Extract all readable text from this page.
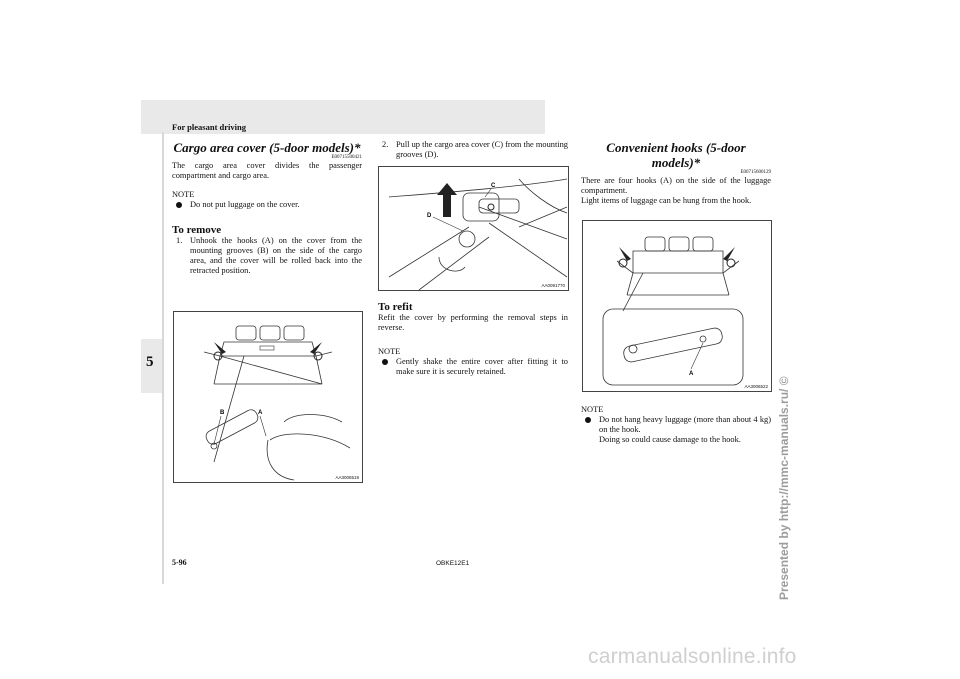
For pleasant driving
5
Cargo area cover (5-door models)*
E00715500421

The cargo area cover divides the passenger compartment and cargo area.

NOTE
Do not put luggage on the cover.
To remove
1. Unhook the hooks (A) on the cover from the mounting grooves (B) on the side of the cargo area, and the cover will be rolled back into the retracted position.
B	A
AA3006519
2. Pull up the cargo area cover (C) from the mounting grooves (D).
C
D
AA0091770
To refit

Refit the cover by performing the removal steps in reverse.

NOTE
Gently shake the entire cover after fitting it to make sure it is securely retained.
Convenient hooks (5-door models)*
E00715600129

There are four hooks (A) on the side of the luggage compartment.

Light items of luggage can be hung from the hook.

A
AA3006522
NOTE
Do not hang heavy luggage (more than about 4 kg) on the hook.
Doing so could cause damage to the hook.
5-96	OBKE12E1	Presented by http://mmc-manuals.ru/ ©
carmanualsonline.info
